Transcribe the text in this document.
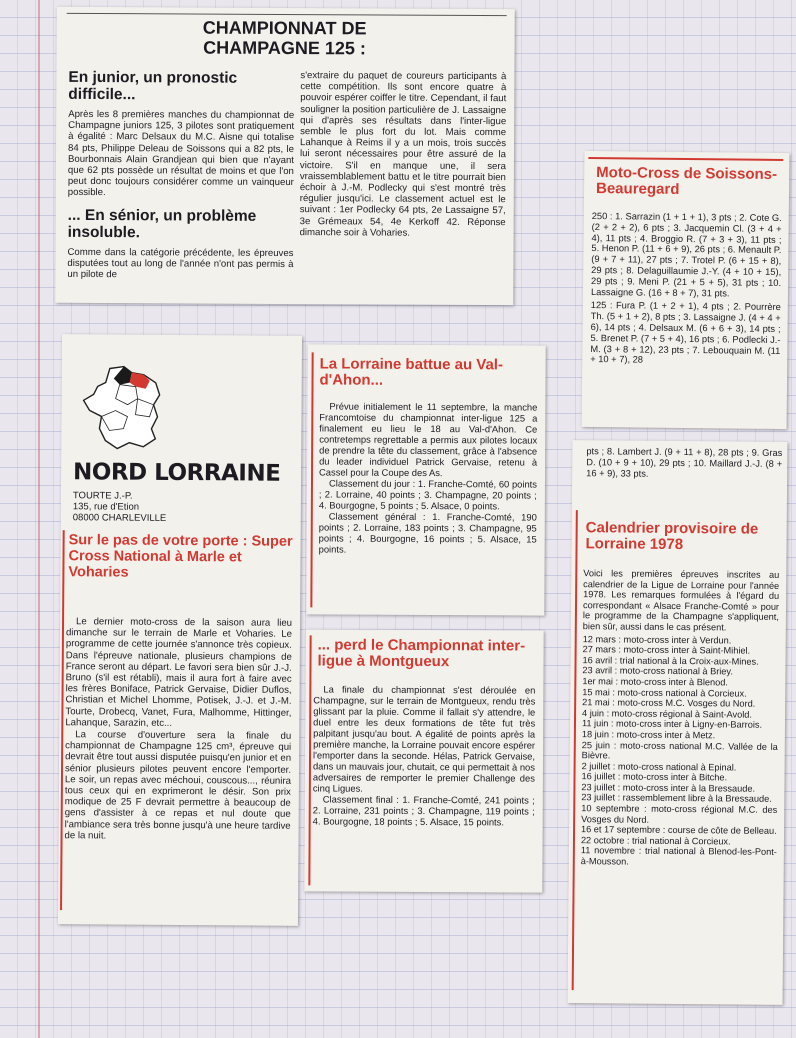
CHAMPIONNAT DE CHAMPAGNE 125 :

En junior, un pronostic difficile...

Après les 8 premières manches du championnat de Champagne juniors 125, 3 pilotes sont pratiquement à égalité : Marc Delsaux du M.C. Aisne qui totalise 84 pts, Philippe Deleau de Soissons qui a 82 pts, le Bourbonnais Alain Grandjean qui bien que n'ayant que 62 pts possède un résultat de moins et que l'on peut donc toujours considérer comme un vainqueur possible.

... En sénior, un problème insoluble.

Comme dans la catégorie précédente, les épreuves disputées tout au long de l'année n'ont pas permis à un pilote de

s'extraire du paquet de coureurs participants à cette compétition. Ils sont encore quatre à pouvoir espérer coiffer le titre. Cependant, il faut souligner la position particulière de J. Lassaigne qui d'après ses résultats dans l'inter-ligue semble le plus fort du lot. Mais comme Lahanque à Reims il y a un mois, trois succès lui seront nécessaires pour être assuré de la victoire. S'il en manque une, il sera vraissemblablement battu et le titre pourrait bien échoir à J.-M. Podlecky qui s'est montré très régulier jusqu'ici. Le classement actuel est le suivant : 1er Podlecky 64 pts, 2e Lassaigne 57, 3e Grémeaux 54, 4e Kerkoff 42. Réponse dimanche soir à Voharies.

Moto-Cross de Soissons-Beauregard

250 : 1. Sarrazin (1 + 1 + 1), 3 pts ; 2. Cote G. (2 + 2 + 2), 6 pts ; 3. Jacquemin Cl. (3 + 4 + 4), 11 pts ; 4. Broggio R. (7 + 3 + 3), 11 pts ; 5. Henon P. (11 + 6 + 9), 26 pts ; 6. Menault P. (9 + 7 + 11), 27 pts ; 7. Trotel P. (6 + 15 + 8), 29 pts ; 8. Delaguillaumie J.-Y. (4 + 10 + 15), 29 pts ; 9. Meni P. (21 + 5 + 5), 31 pts ; 10. Lassaigne G. (16 + 8 + 7), 31 pts.

125 : Fura P. (1 + 2 + 1), 4 pts ; 2. Pourrère Th. (5 + 1 + 2), 8 pts ; 3. Lassaigne J. (4 + 4 + 6), 14 pts ; 4. Delsaux M. (6 + 6 + 3), 14 pts ; 5. Brenet P. (7 + 5 + 4), 16 pts ; 6. Podlecki J.-M. (3 + 8 + 12), 23 pts ; 7. Lebouquain M. (11 + 10 + 7), 28

pts ; 8. Lambert J. (9 + 11 + 8), 28 pts ; 9. Gras D. (10 + 9 + 10), 29 pts ; 10. Maillard J.-J. (8 + 16 + 9), 33 pts.

Calendrier provisoire de Lorraine 1978

Voici les premières épreuves inscrites au calendrier de la Ligue de Lorraine pour l'année 1978. Les remarques formulées à l'égard du correspondant « Alsace Franche-Comté » pour le programme de la Champagne s'appliquent, bien sûr, aussi dans le cas présent.

12 mars : moto-cross inter à Verdun.
27 mars : moto-cross inter à Saint-Mihiel.
16 avril : trial national à la Croix-aux-Mines.
23 avril : moto-cross national à Briey.
1er mai : moto-cross inter à Blenod.
15 mai : moto-cross national à Corcieux.
21 mai : moto-cross M.C. Vosges du Nord.
4 juin : moto-cross régional à Saint-Avold.
11 juin : moto-cross inter à Ligny-en-Barrois.
18 juin : moto-cross inter à Metz.
25 juin : moto-cross national M.C. Vallée de la Bièvre.
2 juillet : moto-cross national à Epinal.
16 juillet : moto-cross inter à Bitche.
23 juillet : moto-cross inter à la Bressaude.
23 juillet : rassemblement libre à la Bressaude.
10 septembre : moto-cross régional M.C. des Vosges du Nord.
16 et 17 septembre : course de côte de Belleau.
22 octobre : trial national à Corcieux.
11 novembre : trial national à Blenod-les-Pont-à-Mousson.

NORD LORRAINE

TOURTE J.-P.
135, rue d'Etion
08000 CHARLEVILLE
Sur le pas de votre porte : Super Cross National à Marle et Voharies

Le dernier moto-cross de la saison aura lieu dimanche sur le terrain de Marle et Voharies. Le programme de cette journée s'annonce très copieux. Dans l'épreuve nationale, plusieurs champions de France seront au départ. Le favori sera bien sûr J.-J. Bruno (s'il est rétabli), mais il aura fort à faire avec les frères Boniface, Patrick Gervaise, Didier Duflos, Christian et Michel Lhomme, Potisek, J.-J. et J.-M. Tourte, Drobecq, Vanet, Fura, Malhomme, Hittinger, Lahanque, Sarazin, etc...

La course d'ouverture sera la finale du championnat de Champagne 125 cm³, épreuve qui devrait être tout aussi disputée puisqu'en junior et en sénior plusieurs pilotes peuvent encore l'emporter. Le soir, un repas avec méchoui, couscous..., réunira tous ceux qui en exprimeront le désir. Son prix modique de 25 F devrait permettre à beaucoup de gens d'assister à ce repas et nul doute que l'ambiance sera très bonne jusqu'à une heure tardive de la nuit.

La Lorraine battue au Val-d'Ahon...

Prévue initialement le 11 septembre, la manche Francomtoise du championnat inter-ligue 125 a finalement eu lieu le 18 au Val-d'Ahon. Ce contretemps regrettable a permis aux pilotes locaux de prendre la tête du classement, grâce à l'absence du leader individuel Patrick Gervaise, retenu à Cassel pour la Coupe des As.

Classement du jour : 1. Franche-Comté, 60 points ; 2. Lorraine, 40 points ; 3. Champagne, 20 points ; 4. Bourgogne, 5 points ; 5. Alsace, 0 points.

Classement général : 1. Franche-Comté, 190 points ; 2. Lorraine, 183 points ; 3. Champagne, 95 points ; 4. Bourgogne, 16 points ; 5. Alsace, 15 points.

... perd le Championnat inter-ligue à Montgueux

La finale du championnat s'est déroulée en Champagne, sur le terrain de Montgueux, rendu très glissant par la pluie. Comme il fallait s'y attendre, le duel entre les deux formations de tête fut très palpitant jusqu'au bout. A égalité de points après la première manche, la Lorraine pouvait encore espérer l'emporter dans la seconde. Hélas, Patrick Gervaise, dans un mauvais jour, chutait, ce qui permettait à nos adversaires de remporter le premier Challenge des cinq Ligues.

Classement final : 1. Franche-Comté, 241 points ; 2. Lorraine, 231 points ; 3. Champagne, 119 points ; 4. Bourgogne, 18 points ; 5. Alsace, 15 points.
